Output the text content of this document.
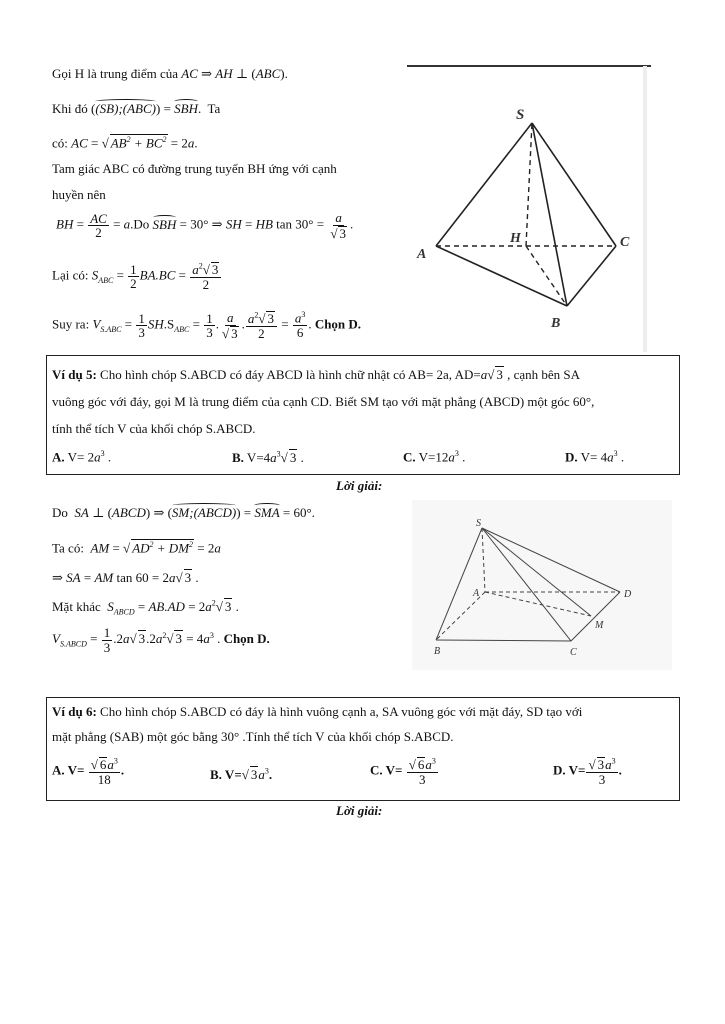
Gọi H là trung điểm của AC ⇒ AH ⊥ (ABC).
Khi đó ((SB);(ABC)) = SBH.  Ta
có: AC = √ $AB^2 + BC^2 = 2a$.
Tam giác ABC có đường trung tuyến BH ứng với cạnh
huyền nên
BH = $\frac{AC}{2} = a.Do$ SBH = 30° ⇒ SH = HB $\tan 30^\circ = \frac{a}{√ 3}$ .
Lại có: $S_{ABC} = \frac{1}{2} BA.BC = \frac{a^2√ 3}{2}$
Suy ra: $V_{S.ABC} = \frac{1}{3} SH.S_{ABC} = \frac{1}{3}$ . $\frac{a}{√ 3}$ . $\frac{a^2√ 3}{2} = \frac{a^3}{6}$ . Chọn D.
S
H
A
C
B
Ví dụ 5: Cho hình chóp S.ABCD có đáy ABCD là hình chữ nhật có AB= 2a, AD=a√ 3 , cạnh bên SA
vuông góc với đáy, gọi M là trung điểm của cạnh CD. Biết SM tạo với mặt phẳng (ABCD) một góc 60°,
tính thể tích V của khối chóp S.ABCD.
A. $V= 2a^3$ .	B. $V=4a^3√$ 3 .	C. $V=12a^3$ .	D. $V= 4a^3$ .
Lời giải:
Do SA ⊥ (ABCD) ⇒ (SM;(ABCD)) = SMA = 60°.
Ta có: AM = √ $AD^2 + DM^2 = 2a$
⇒ SA = AM tan 60 = 2a√ 3 .
Mặt khác $S_{ABCD} = AB.AD = 2a^2√$ 3 .
$V_{S.ABCD} = \frac{1}{3} .2a√$ $3.2a^2√$ $3 = 4a^3$ . Chọn D.
S
A
B	C
D
M
Ví dụ 6: Cho hình chóp S.ABCD có đáy là hình vuông cạnh a, SA vuông góc với mặt đáy, SD tạo với
mặt phẳng (SAB) một góc bằng 30° .Tính thể tích V của khối chóp S.ABCD.
A. $V= \frac{√ 6a^3}{18}$ .	B. V=√ $3a^3$.	C. $V= \frac{√ 6a^3}{3}$	D. $V= \frac{√ 3a^3}{3}$ .
Lời giải:
